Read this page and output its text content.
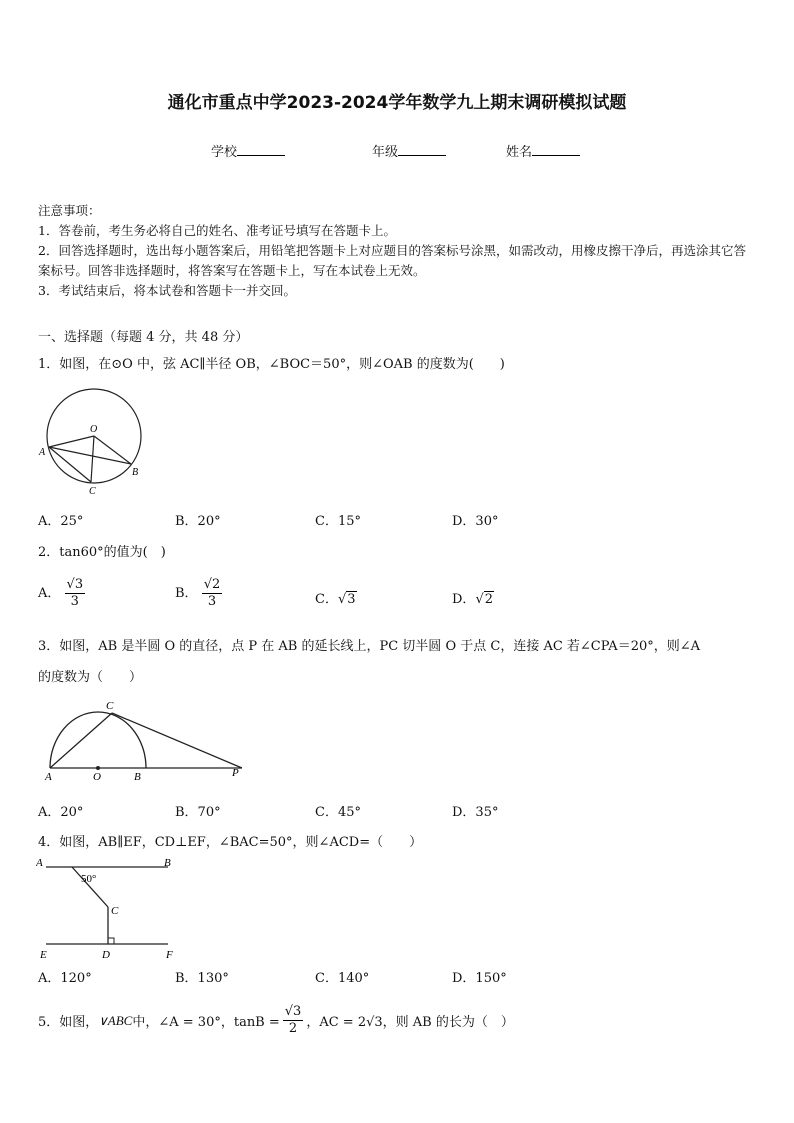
通化市重点中学2023-2024学年数学九上期末调研模拟试题
学校	年级	姓名
注意事项：
1．答卷前，考生务必将自己的姓名、准考证号填写在答题卡上。
2．回答选择题时，选出每小题答案后，用铅笔把答题卡上对应题目的答案标号涂黑，如需改动，用橡皮擦干净后，再选涂其它答案标号。回答非选择题时，将答案写在答题卡上，写在本试卷上无效。
3．考试结束后，将本试卷和答题卡一并交回。
一、选择题（每题 4 分，共 48 分）
1．如图，在⊙O 中，弦 AC∥半径 OB，∠BOC＝50°，则∠OAB 的度数为(　　)
O
A
B
C
A．25°	B．20°	C．15°	D．30°
2．tan60°的值为(　)
A． $\frac{√3}{3}$	B． $\frac{√2}{3}$	C．√3	D．√2
3．如图，AB 是半圆 O 的直径，点 P 在 AB 的延长线上，PC 切半圆 O 于点 C，连接 AC 若∠CPA＝20°，则∠A
的度数为（　　）
C
A	O	B	P
A．20°	B．70°	C．45°	D．35°
4．如图，AB∥EF，CD⊥EF，∠BAC=50°，则∠ACD=（　　）
A	B
C
D
E	F
50°
A．120°	B．130°	C．140°	D．150°
5．如图， ∨ABC 中，∠A = 30°，$\tan B = \frac{√3}{2}$ ，AC = 2√3，则 AB 的长为（　）
